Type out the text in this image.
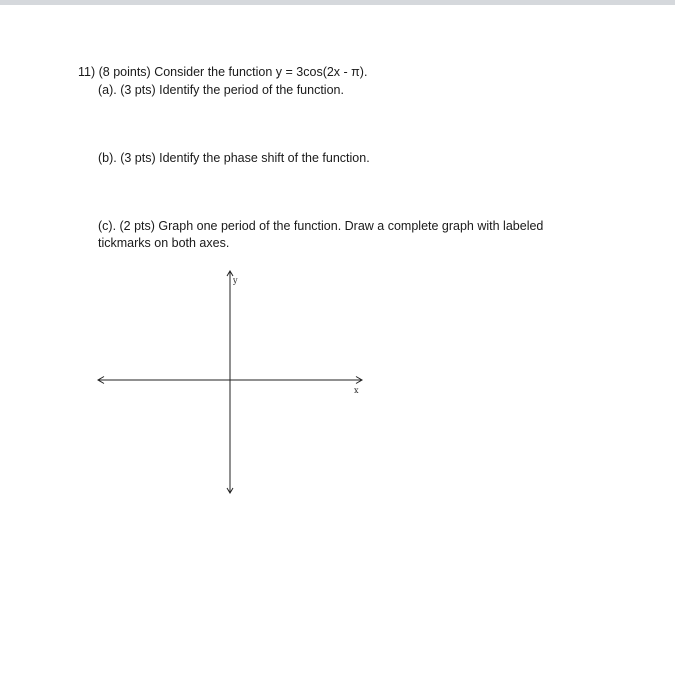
11) (8 points) Consider the function y = 3cos(2x - π).
(a). (3 pts) Identify the period of the function.
(b). (3 pts) Identify the phase shift of the function.
(c). (2 pts) Graph one period of the function. Draw a complete graph with labeled
tickmarks on both axes.
y
x
